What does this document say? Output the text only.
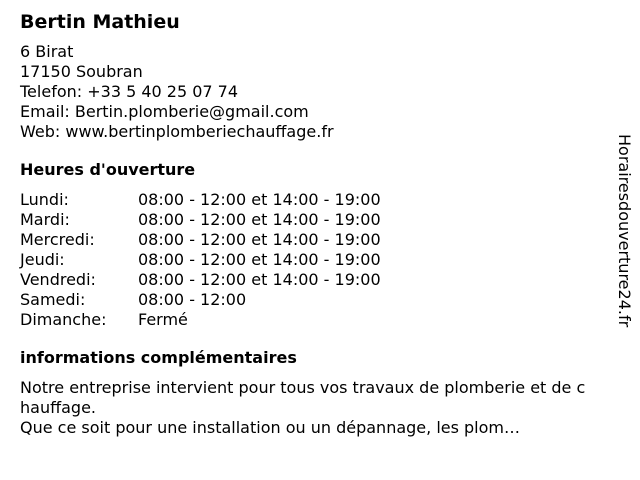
Bertin Mathieu
6 Birat
17150 Soubran
Telefon: +33 5 40 25 07 74
Email: Bertin.plomberie@gmail.com
Web: www.bertinplomberiechauffage.fr
Heures d'ouverture
Lundi:	08:00 - 12:00 et 14:00 - 19:00
Mardi:	08:00 - 12:00 et 14:00 - 19:00
Mercredi:	08:00 - 12:00 et 14:00 - 19:00
Jeudi:	08:00 - 12:00 et 14:00 - 19:00
Vendredi:	08:00 - 12:00 et 14:00 - 19:00
Samedi:	08:00 - 12:00
Dimanche: Fermé
informations complémentaires
Notre entreprise intervient pour tous vos travaux de plomberie et de c
hauffage.
Que ce soit pour une installation ou un dépannage, les plom…
Horairesdouverture24.fr
